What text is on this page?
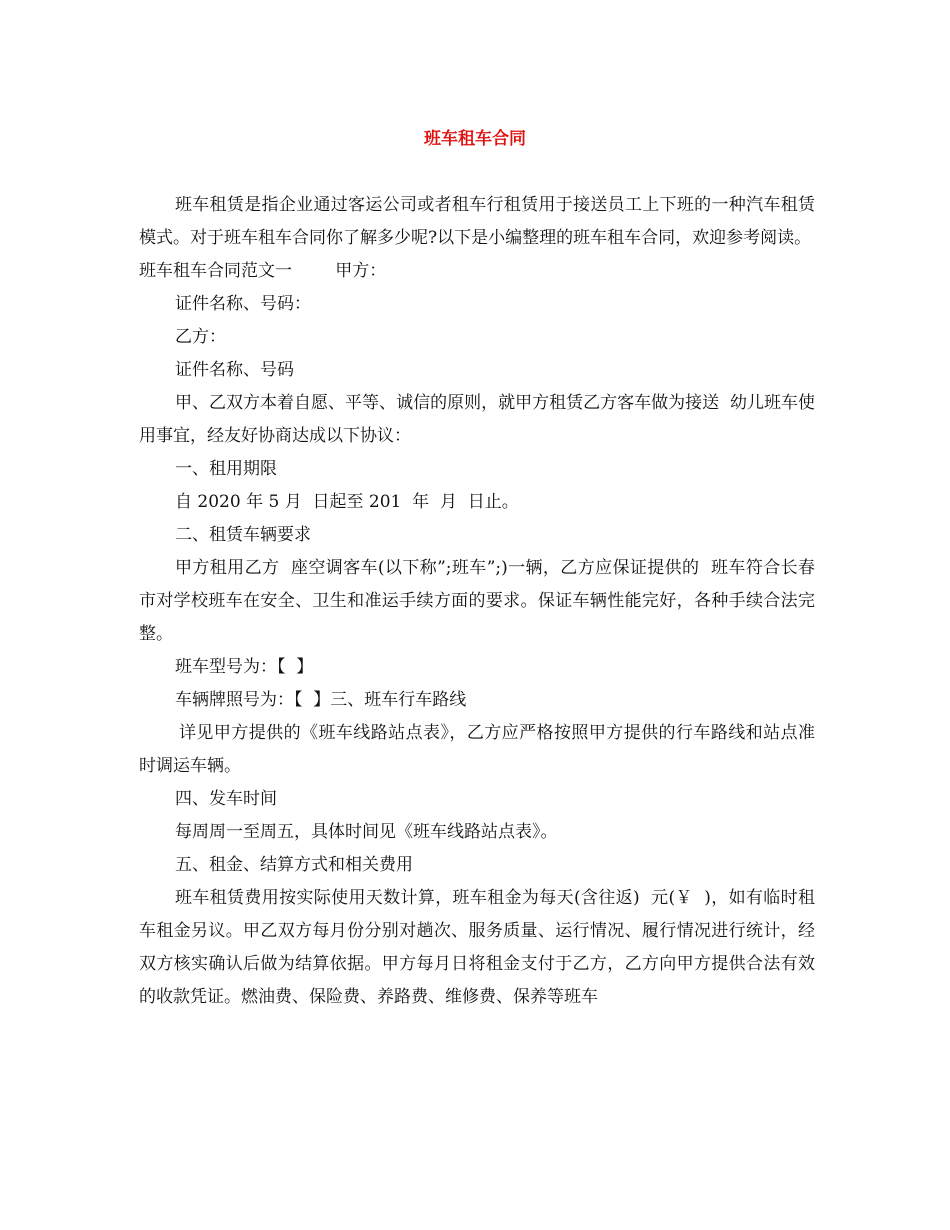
班车租车合同

班车租赁是指企业通过客运公司或者租车行租赁用于接送员工上下班的一种汽车租赁模式。对于班车租车合同你了解多少呢?以下是小编整理的班车租车合同，欢迎参考阅读。

班车租车合同范文一        甲方：

证件名称、号码：

乙方：

证件名称、号码

甲、乙双方本着自愿、平等、诚信的原则，就甲方租赁乙方客车做为接送  幼儿班车使用事宜，经友好协商达成以下协议：

一、租用期限

自 2020 年 5 月  日起至 201  年  月  日止。

二、租赁车辆要求

甲方租用乙方  座空调客车(以下称”;班车”;)一辆，乙方应保证提供的  班车符合长春市对学校班车在安全、卫生和准运手续方面的要求。保证车辆性能完好，各种手续合法完整。

班车型号为：【  】

车辆牌照号为：【  】三、班车行车路线

详见甲方提供的《班车线路站点表》，乙方应严格按照甲方提供的行车路线和站点准时调运车辆。

四、发车时间

每周周一至周五，具体时间见《班车线路站点表》。

五、租金、结算方式和相关费用

班车租赁费用按实际使用天数计算，班车租金为每天(含往返)  元(￥  )，如有临时租车租金另议。甲乙双方每月份分别对趟次、服务质量、运行情况、履行情况进行统计，经双方核实确认后做为结算依据。甲方每月日将租金支付于乙方，乙方向甲方提供合法有效的收款凭证。燃油费、保险费、养路费、维修费、保养等班车
